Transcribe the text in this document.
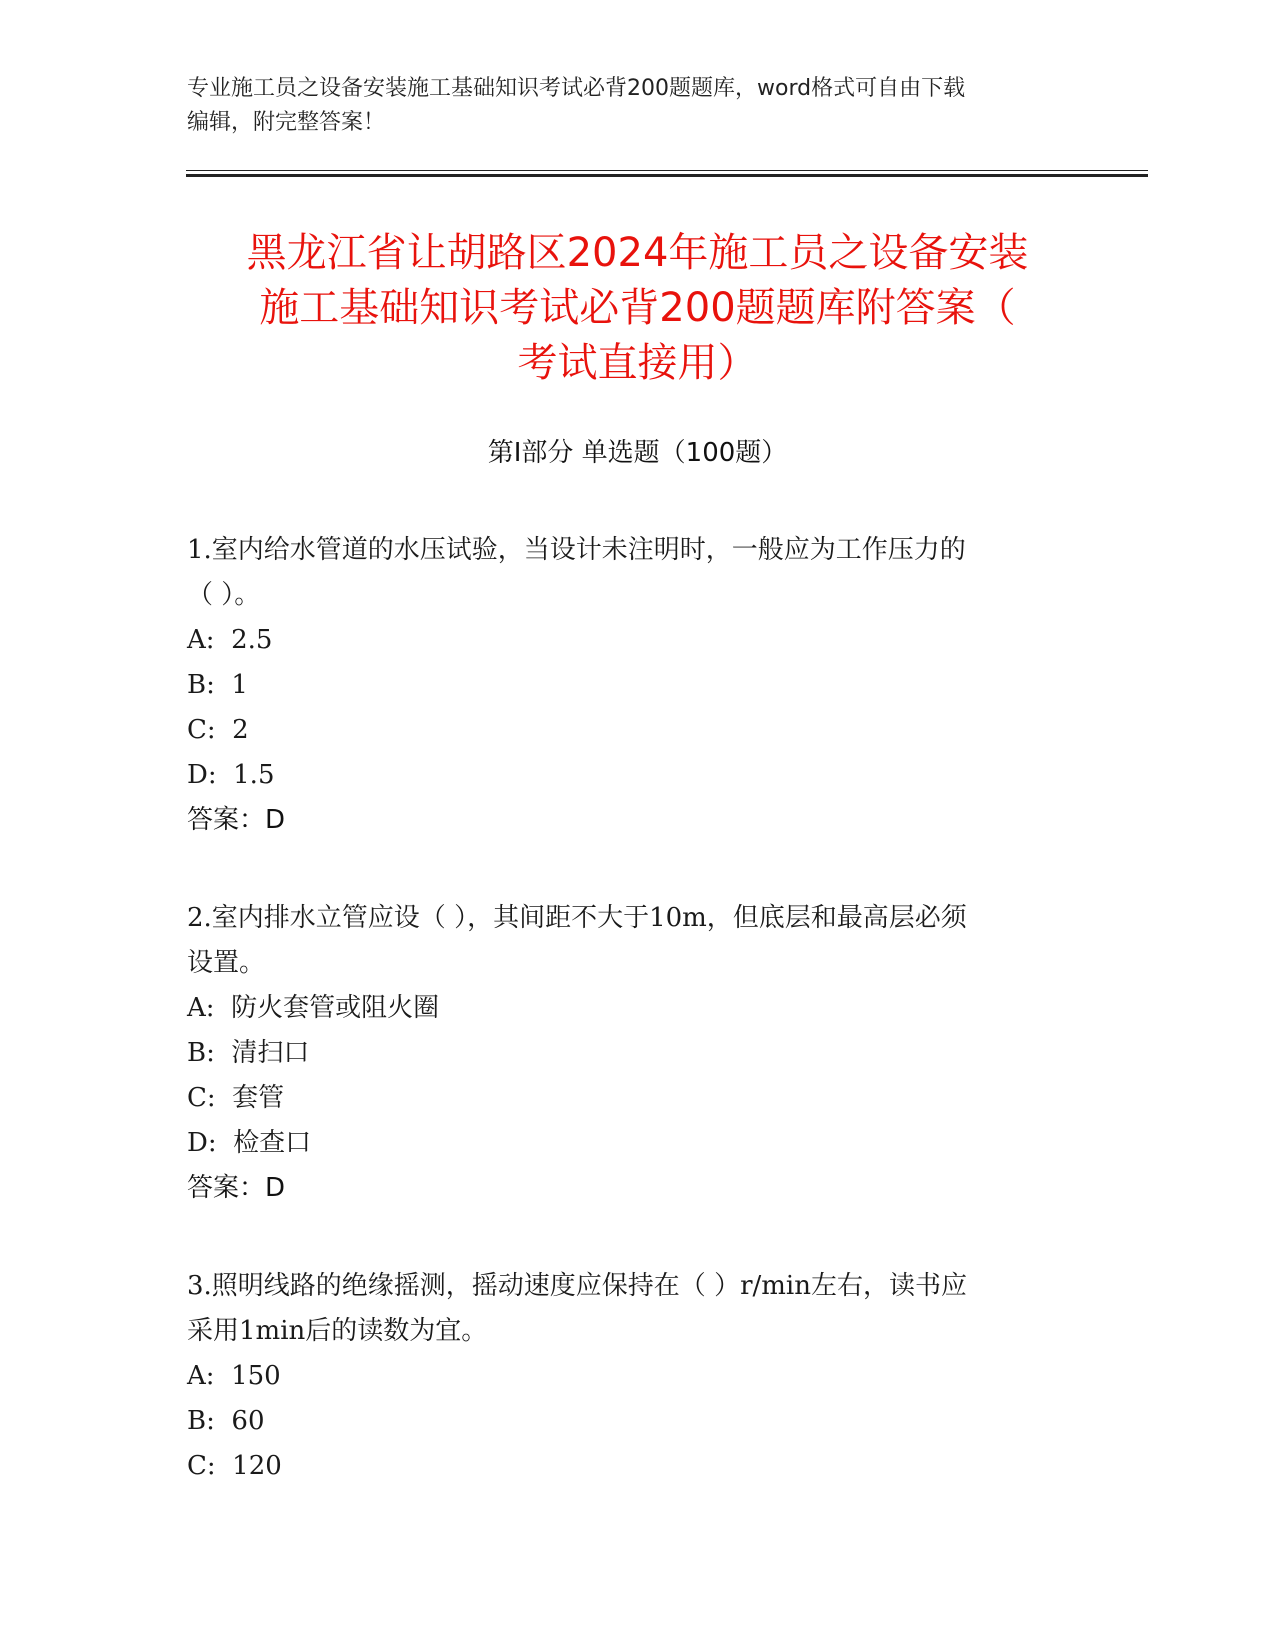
专业施工员之设备安装施工基础知识考试必背200题题库，word格式可自由下载
编辑，附完整答案！
黑龙江省让胡路区2024年施工员之设备安装
施工基础知识考试必背200题题库附答案（
考试直接用）
第Ⅰ部分 单选题（100题）

1.室内给水管道的水压试验，当设计未注明时，一般应为工作压力的
（ ）。

A:  2.5

B:  1

C:  2

D:  1.5

答案：D

2.室内排水立管应设（ ），其间距不大于10m，但底层和最高层必须
设置。

A:  防火套管或阻火圈

B:  清扫口

C:  套管

D:  检查口

答案：D

3.照明线路的绝缘摇测，摇动速度应保持在（ ）r/min左右，读书应
采用1min后的读数为宜。

A:  150

B:  60

C:  120
